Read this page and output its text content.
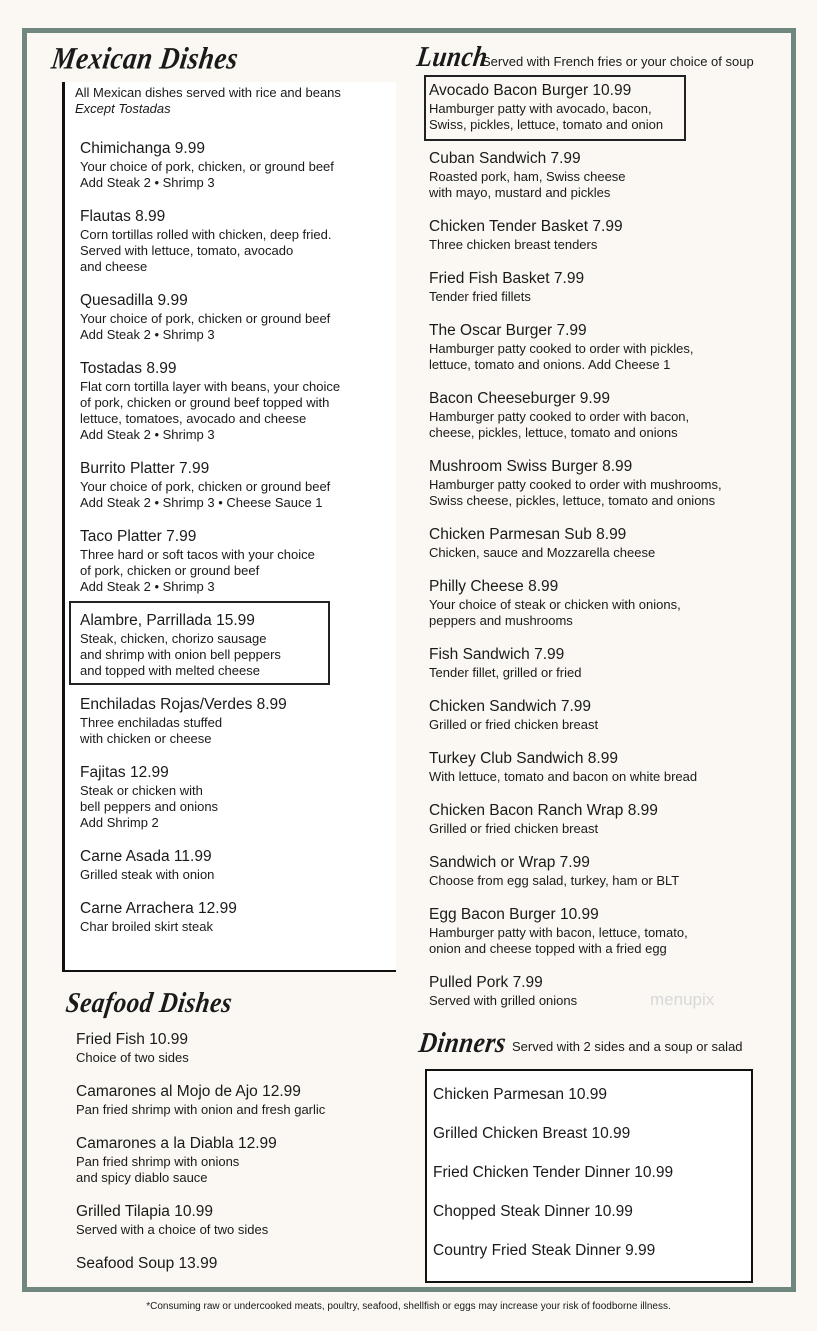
Mexican Dishes
All Mexican dishes served with rice and beans
Except Tostadas
Chimichanga 9.99
Your choice of pork, chicken, or ground beef
Add Steak 2 • Shrimp 3
Flautas 8.99
Corn tortillas rolled with chicken, deep fried.
Served with lettuce, tomato, avocado
and cheese
Quesadilla 9.99
Your choice of pork, chicken or ground beef
Add Steak 2 • Shrimp 3
Tostadas 8.99
Flat corn tortilla layer with beans, your choice
of pork, chicken or ground beef topped with
lettuce, tomatoes, avocado and cheese
Add Steak 2 • Shrimp 3
Burrito Platter 7.99
Your choice of pork, chicken or ground beef
Add Steak 2 • Shrimp 3 • Cheese Sauce 1
Taco Platter 7.99
Three hard or soft tacos with your choice
of pork, chicken or ground beef
Add Steak 2 • Shrimp 3
Alambre, Parrillada 15.99
Steak, chicken, chorizo sausage
and shrimp with onion bell peppers
and topped with melted cheese
Enchiladas Rojas/Verdes 8.99
Three enchiladas stuffed
with chicken or cheese
Fajitas 12.99
Steak or chicken with
bell peppers and onions
Add Shrimp 2
Carne Asada 11.99
Grilled steak with onion
Carne Arrachera 12.99
Char broiled skirt steak
Seafood Dishes
Fried Fish 10.99
Choice of two sides
Camarones al Mojo de Ajo 12.99
Pan fried shrimp with onion and fresh garlic
Camarones a la Diabla 12.99
Pan fried shrimp with onions
and spicy diablo sauce
Grilled Tilapia 10.99
Served with a choice of two sides
Seafood Soup 13.99
Lunch
Served with French fries or your choice of soup
Avocado Bacon Burger 10.99
Hamburger patty with avocado, bacon,
Swiss, pickles, lettuce, tomato and onion
Cuban Sandwich 7.99
Roasted pork, ham, Swiss cheese
with mayo, mustard and pickles
Chicken Tender Basket 7.99
Three chicken breast tenders
Fried Fish Basket 7.99
Tender fried fillets
The Oscar Burger 7.99
Hamburger patty cooked to order with pickles,
lettuce, tomato and onions. Add Cheese 1
Bacon Cheeseburger 9.99
Hamburger patty cooked to order with bacon,
cheese, pickles, lettuce, tomato and onions
Mushroom Swiss Burger 8.99
Hamburger patty cooked to order with mushrooms,
Swiss cheese, pickles, lettuce, tomato and onions
Chicken Parmesan Sub 8.99
Chicken, sauce and Mozzarella cheese
Philly Cheese 8.99
Your choice of steak or chicken with onions,
peppers and mushrooms
Fish Sandwich 7.99
Tender fillet, grilled or fried
Chicken Sandwich 7.99
Grilled or fried chicken breast
Turkey Club Sandwich 8.99
With lettuce, tomato and bacon on white bread
Chicken Bacon Ranch Wrap 8.99
Grilled or fried chicken breast
Sandwich or Wrap 7.99
Choose from egg salad, turkey, ham or BLT
Egg Bacon Burger 10.99
Hamburger patty with bacon, lettuce, tomato,
onion and cheese topped with a fried egg
Pulled Pork 7.99
Served with grilled onions
Dinners Served with 2 sides and a soup or salad
Chicken Parmesan 10.99
Grilled Chicken Breast 10.99
Fried Chicken Tender Dinner 10.99
Chopped Steak Dinner 10.99
Country Fried Steak Dinner 9.99
menupix
*Consuming raw or undercooked meats, poultry, seafood, shellfish or eggs may increase your risk of foodborne illness.
